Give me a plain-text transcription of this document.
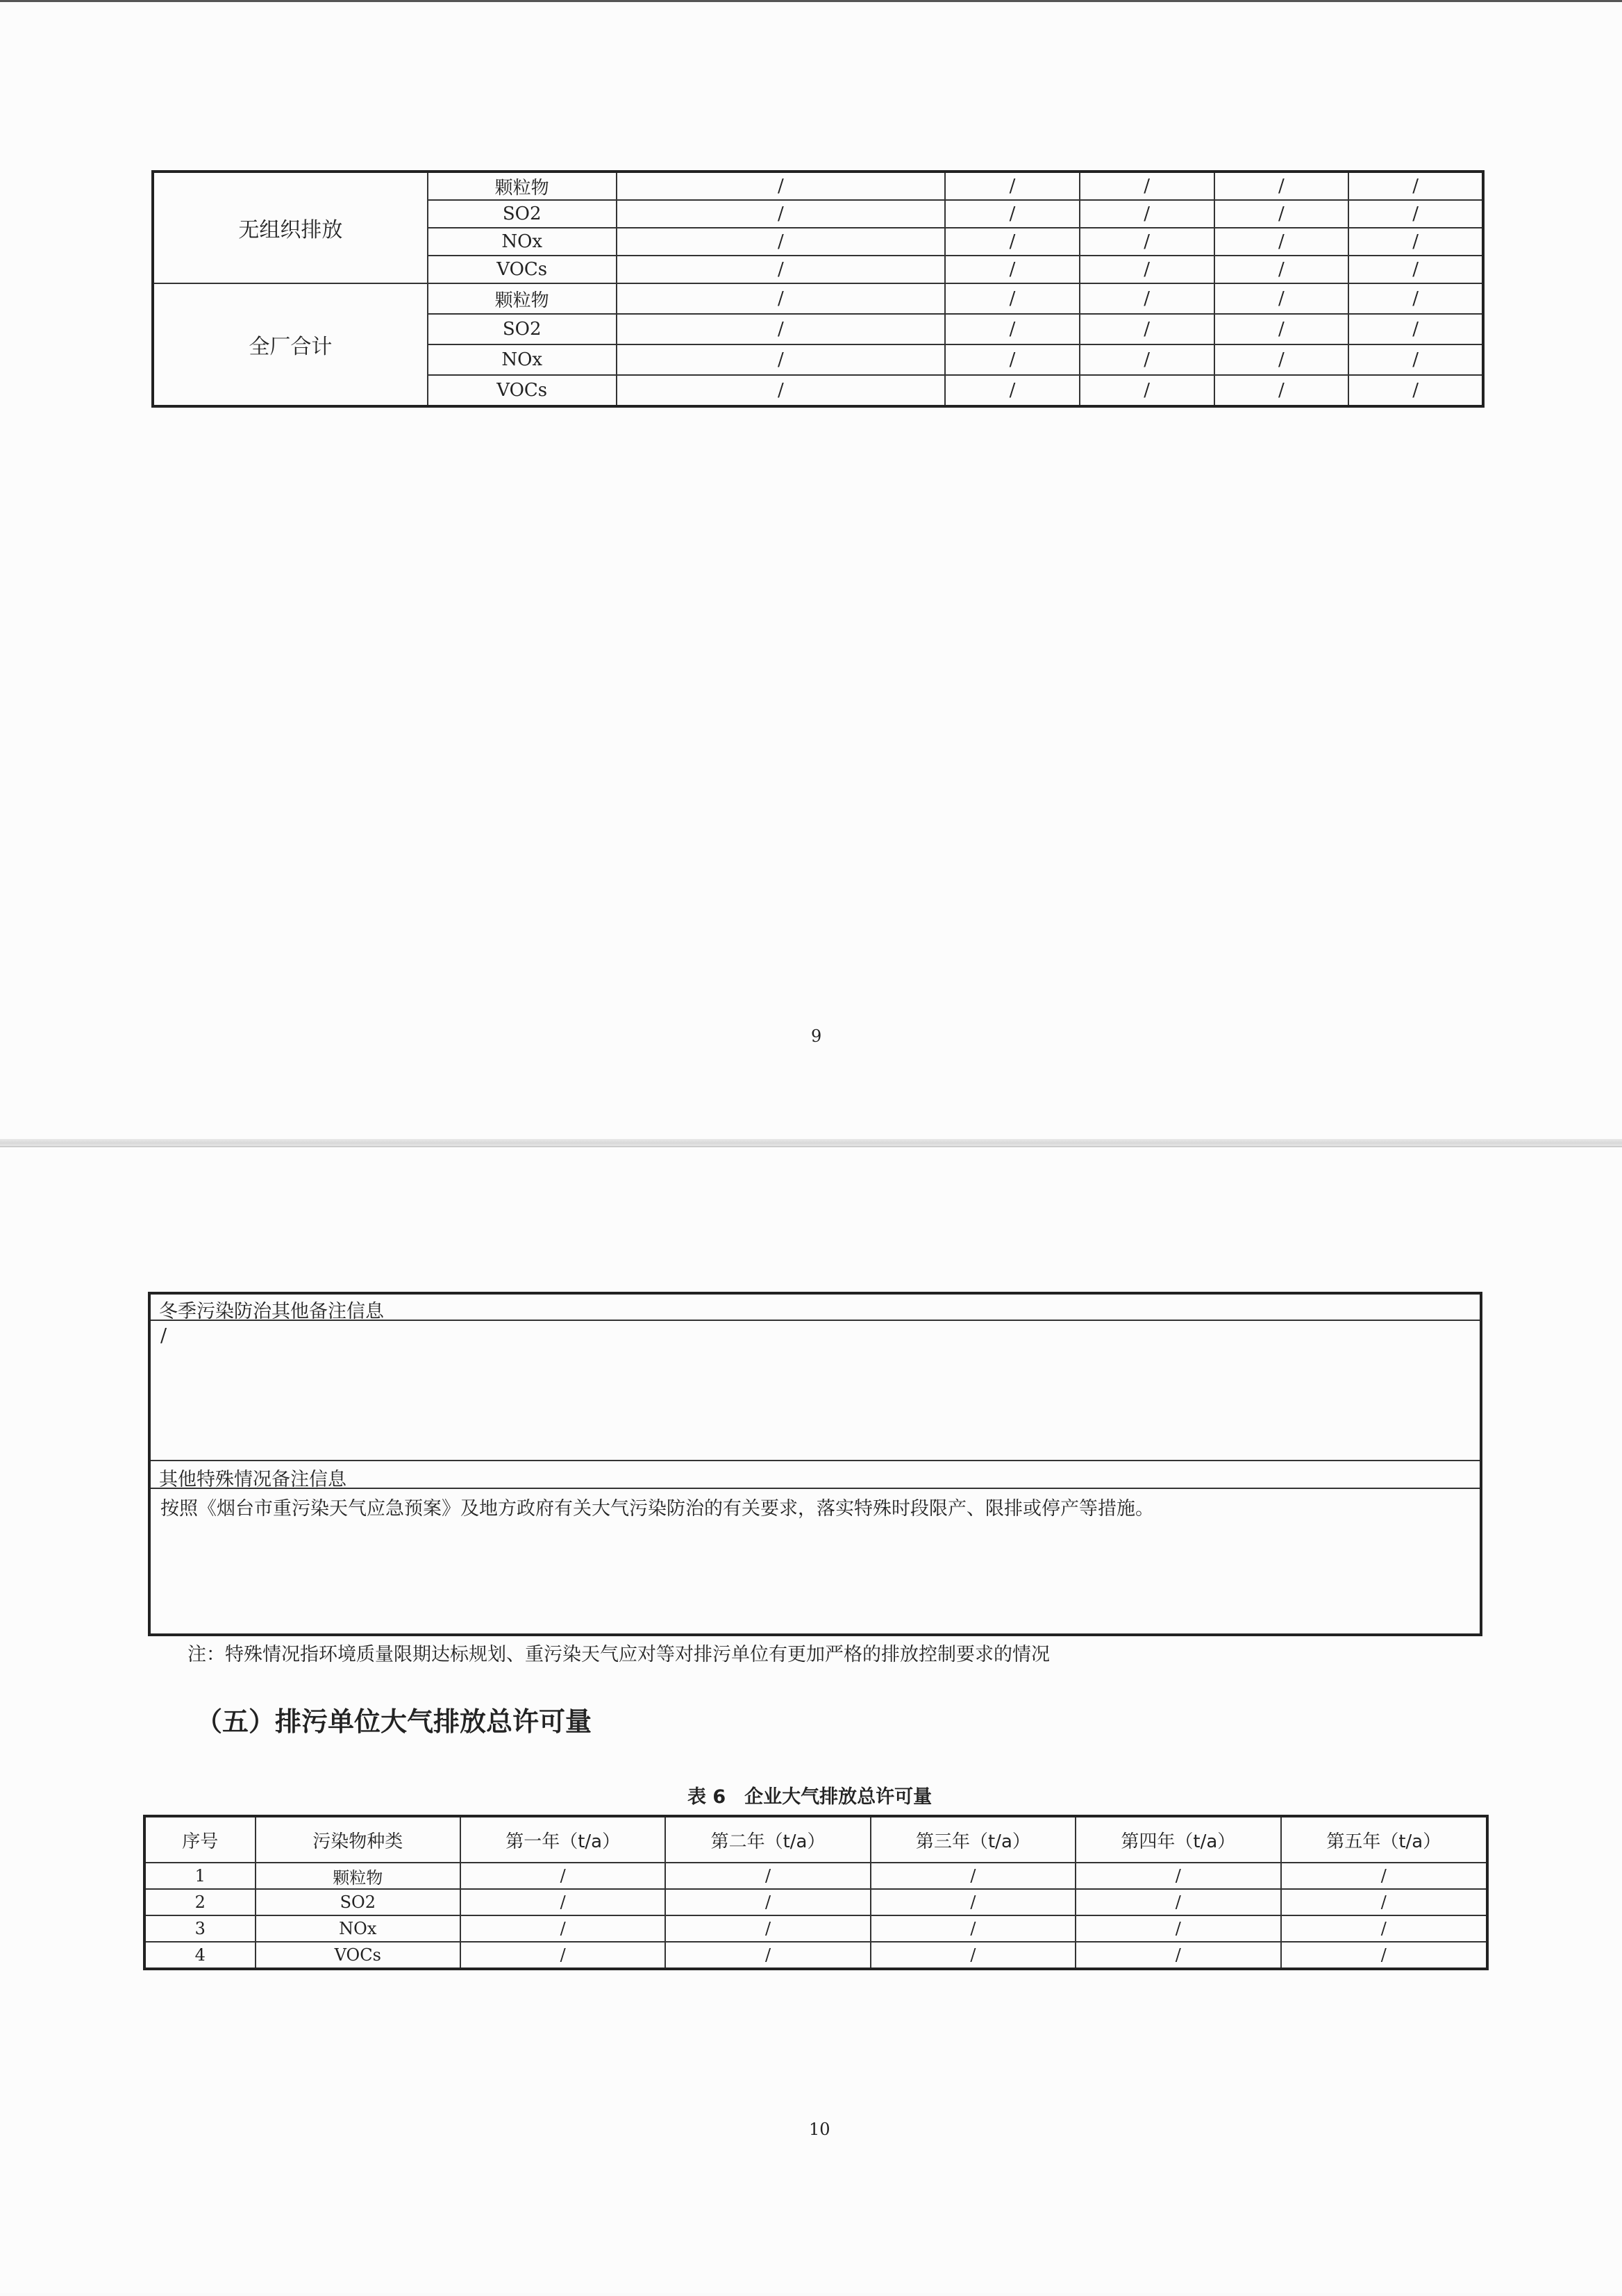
无组织排放	颗粒物	/	/	/	/	/
	SO2	/	/	/	/	/
	NOx	/	/	/	/	/
	VOCs	/	/	/	/	/
全厂合计	颗粒物	/	/	/	/	/
	SO2	/	/	/	/	/
	NOx	/	/	/	/	/
	VOCs	/	/	/	/	/
9
冬季污染防治其他备注信息
/
其他特殊情况备注信息
按照《烟台市重污染天气应急预案》及地方政府有关大气污染防治的有关要求，落实特殊时段限产、限排或停产等措施。
注：特殊情况指环境质量限期达标规划、重污染天气应对等对排污单位有更加严格的排放控制要求的情况
（五）排污单位大气排放总许可量
表 6　企业大气排放总许可量
序号	污染物种类	第一年（t/a）	第二年（t/a）	第三年（t/a）	第四年（t/a）	第五年（t/a）
1	颗粒物	/	/	/	/	/
2	SO2	/	/	/	/	/
3	NOx	/	/	/	/	/
4	VOCs	/	/	/	/	/
10
